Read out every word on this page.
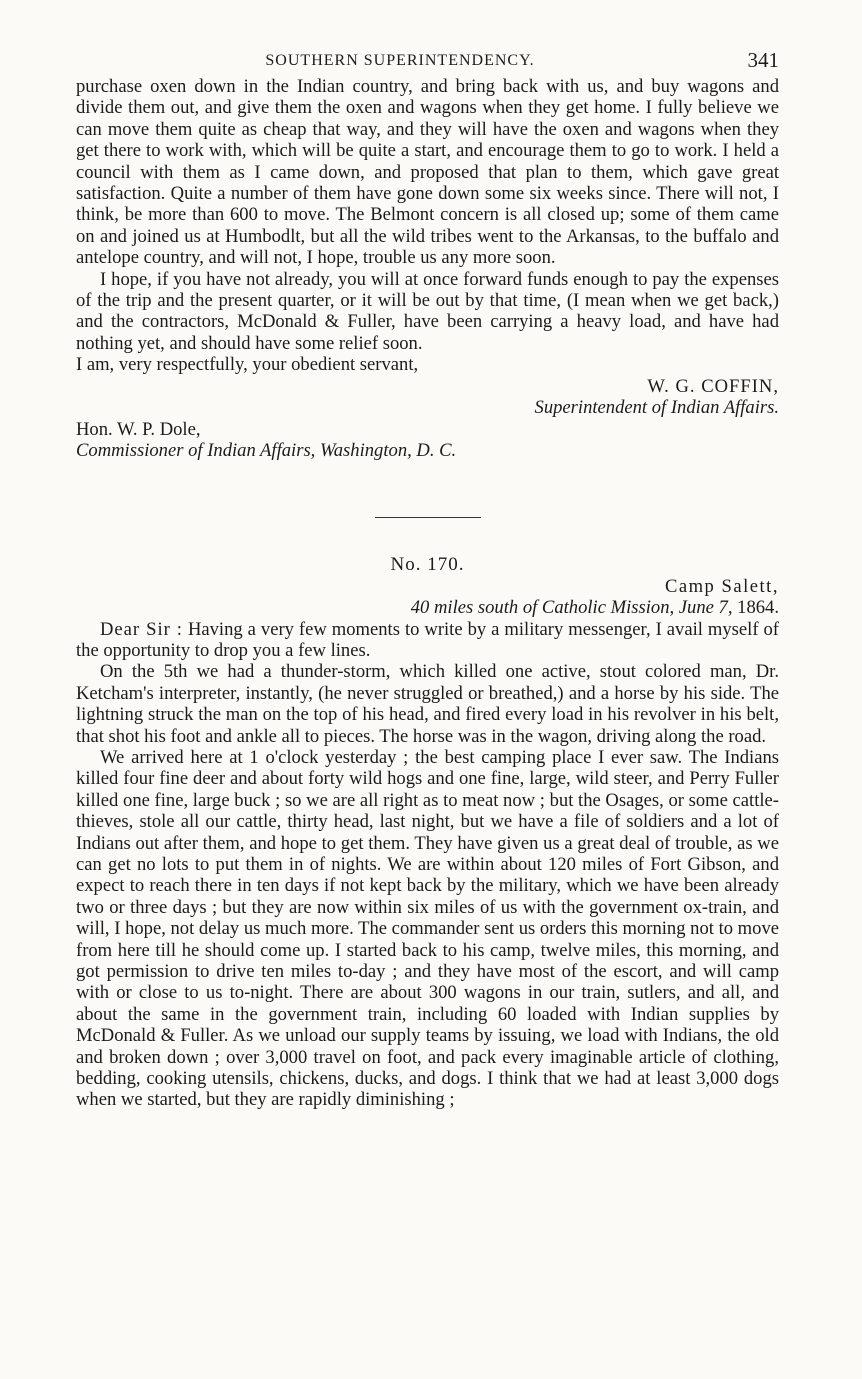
SOUTHERN SUPERINTENDENCY.	341

purchase oxen down in the Indian country, and bring back with us, and buy wagons and divide them out, and give them the oxen and wagons when they get home. I fully believe we can move them quite as cheap that way, and they will have the oxen and wagons when they get there to work with, which will be quite a start, and encourage them to go to work. I held a council with them as I came down, and proposed that plan to them, which gave great satisfaction. Quite a number of them have gone down some six weeks since. There will not, I think, be more than 600 to move. The Belmont concern is all closed up; some of them came on and joined us at Humbodlt, but all the wild tribes went to the Arkansas, to the buffalo and antelope country, and will not, I hope, trouble us any more soon.

I hope, if you have not already, you will at once forward funds enough to pay the expenses of the trip and the present quarter, or it will be out by that time, (I mean when we get back,) and the contractors, McDonald & Fuller, have been carrying a heavy load, and have had nothing yet, and should have some relief soon.

I am, very respectfully, your obedient servant,

W. G. COFFIN,

Superintendent of Indian Affairs.

Hon. W. P. Dole,

Commissioner of Indian Affairs, Washington, D. C.

No. 170.

Camp Salett,

40 miles south of Catholic Mission, June 7, 1864.

Dear Sir : Having a very few moments to write by a military messenger, I avail myself of the opportunity to drop you a few lines.

On the 5th we had a thunder-storm, which killed one active, stout colored man, Dr. Ketcham's interpreter, instantly, (he never struggled or breathed,) and a horse by his side. The lightning struck the man on the top of his head, and fired every load in his revolver in his belt, that shot his foot and ankle all to pieces. The horse was in the wagon, driving along the road.

We arrived here at 1 o'clock yesterday ; the best camping place I ever saw. The Indians killed four fine deer and about forty wild hogs and one fine, large, wild steer, and Perry Fuller killed one fine, large buck ; so we are all right as to meat now ; but the Osages, or some cattle-thieves, stole all our cattle, thirty head, last night, but we have a file of soldiers and a lot of Indians out after them, and hope to get them. They have given us a great deal of trouble, as we can get no lots to put them in of nights. We are within about 120 miles of Fort Gibson, and expect to reach there in ten days if not kept back by the military, which we have been already two or three days ; but they are now within six miles of us with the government ox-train, and will, I hope, not delay us much more. The commander sent us orders this morning not to move from here till he should come up. I started back to his camp, twelve miles, this morning, and got permission to drive ten miles to-day ; and they have most of the escort, and will camp with or close to us to-night. There are about 300 wagons in our train, sutlers, and all, and about the same in the government train, including 60 loaded with Indian supplies by McDonald & Fuller. As we unload our supply teams by issuing, we load with Indians, the old and broken down ; over 3,000 travel on foot, and pack every imaginable article of clothing, bedding, cooking utensils, chickens, ducks, and dogs. I think that we had at least 3,000 dogs when we started, but they are rapidly diminishing ;
